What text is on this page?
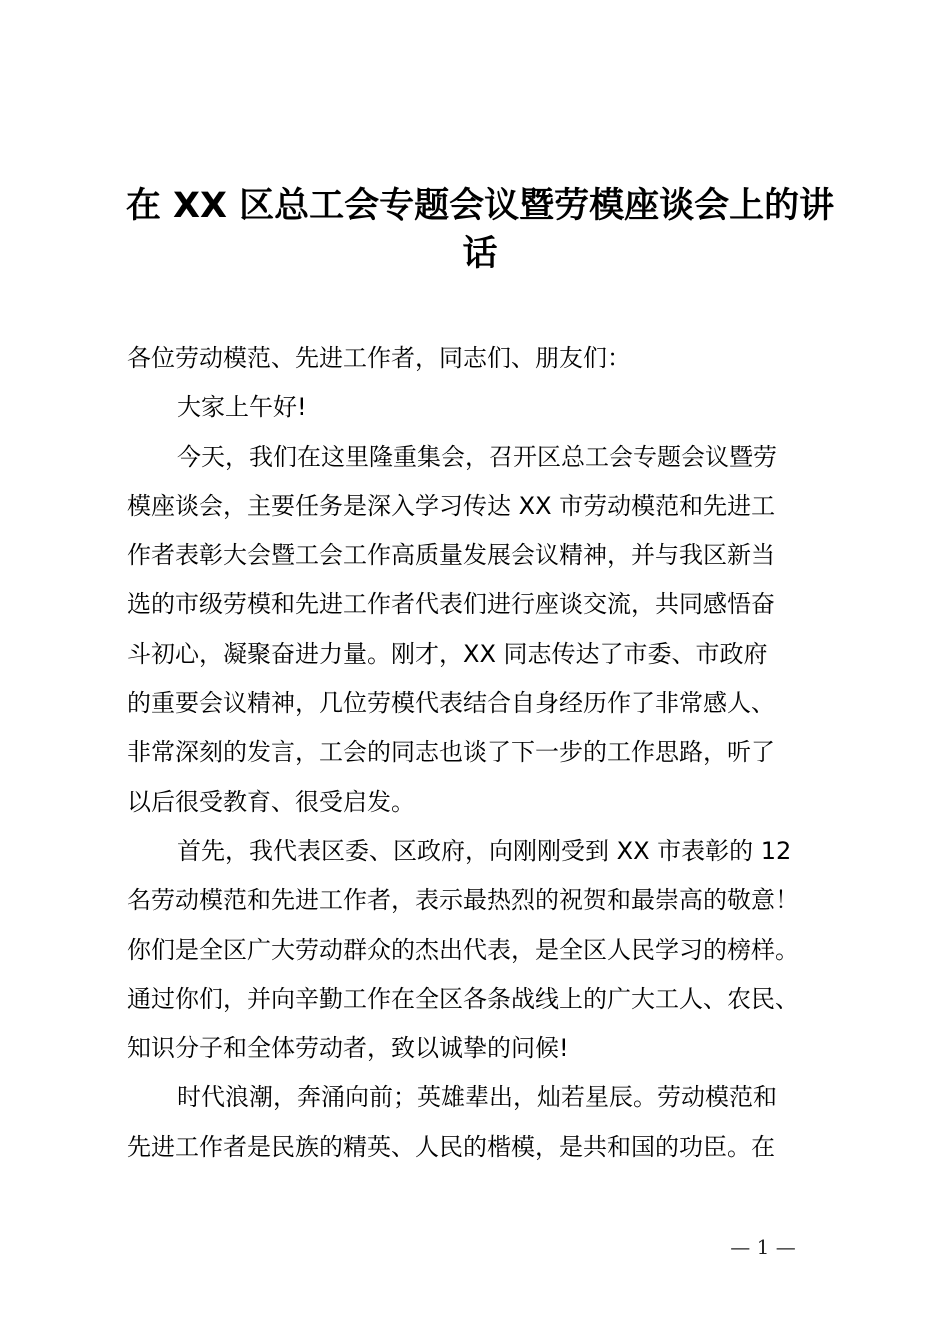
在 XX 区总工会专题会议暨劳模座谈会上的讲
话

各位劳动模范、先进工作者，同志们、朋友们：

大家上午好!

今天，我们在这里隆重集会，召开区总工会专题会议暨劳
模座谈会，主要任务是深入学习传达 XX 市劳动模范和先进工
作者表彰大会暨工会工作高质量发展会议精神，并与我区新当
选的市级劳模和先进工作者代表们进行座谈交流，共同感悟奋
斗初心，凝聚奋进力量。刚才，XX 同志传达了市委、市政府
的重要会议精神，几位劳模代表结合自身经历作了非常感人、
非常深刻的发言，工会的同志也谈了下一步的工作思路，听了
以后很受教育、很受启发。

首先，我代表区委、区政府，向刚刚受到 XX 市表彰的 12
名劳动模范和先进工作者，表示最热烈的祝贺和最崇高的敬意！
你们是全区广大劳动群众的杰出代表，是全区人民学习的榜样。
通过你们，并向辛勤工作在全区各条战线上的广大工人、农民、
知识分子和全体劳动者，致以诚挚的问候!

时代浪潮，奔涌向前；英雄辈出，灿若星辰。劳动模范和
先进工作者是民族的精英、人民的楷模，是共和国的功臣。在

— 1 —
